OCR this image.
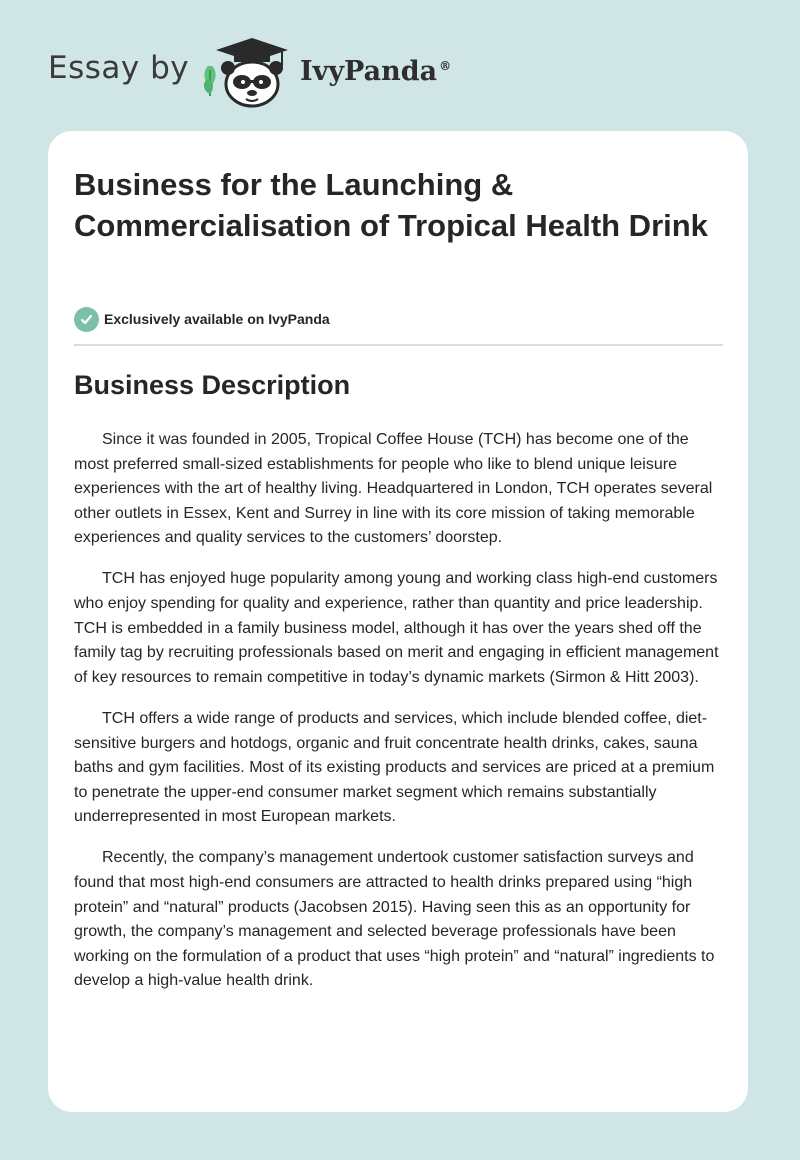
Essay by	IvyPanda ®
Business for the Launching & Commercialisation of Tropical Health Drink
Exclusively available on IvyPanda
Business Description

Since it was founded in 2005, Tropical Coffee House (TCH) has become one of the most preferred small-sized establishments for people who like to blend unique leisure experiences with the art of healthy living. Headquartered in London, TCH operates several other outlets in Essex, Kent and Surrey in line with its core mission of taking memorable experiences and quality services to the customers’ doorstep.

TCH has enjoyed huge popularity among young and working class high-end customers who enjoy spending for quality and experience, rather than quantity and price leadership. TCH is embedded in a family business model, although it has over the years shed off the family tag by recruiting professionals based on merit and engaging in efficient management of key resources to remain competitive in today’s dynamic markets (Sirmon & Hitt 2003).

TCH offers a wide range of products and services, which include blended coffee, diet-sensitive burgers and hotdogs, organic and fruit concentrate health drinks, cakes, sauna baths and gym facilities. Most of its existing products and services are priced at a premium to penetrate the upper-end consumer market segment which remains substantially underrepresented in most European markets.

Recently, the company’s management undertook customer satisfaction surveys and found that most high-end consumers are attracted to health drinks prepared using “high protein” and “natural” products (Jacobsen 2015). Having seen this as an opportunity for growth, the company’s management and selected beverage professionals have been working on the formulation of a product that uses “high protein” and “natural” ingredients to develop a high-value health drink.
